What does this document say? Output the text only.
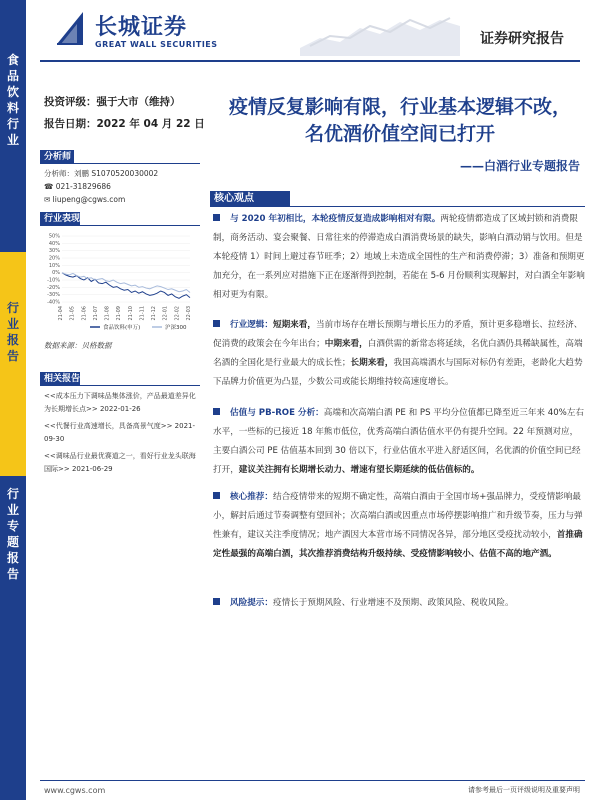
食
品
饮
料
行
业
行
业
报
告
行
业
专
题
报
告
长城证券
GREAT WALL SECURITIES	证券研究报告
投资评级：强于大市（维持）
报告日期：2022 年 04 月 22 日
分析师
分析师：刘鹏 S1070520030002
☎ 021-31829686
✉ liupeng@cgws.com
行业表现
50%
40%
30%
20%
10%
0%
-10%
-20%
-30%
-40%
21-04 21-05 21-06 21-07 21-08 21-09 21-10 21-11 21-12 22-01 22-02 22-03
食品饮料(申万)	沪深300
数据来源：贝格数据
相关报告
<<成本压力下调味品集体涨价，产品最道差异化为长期增长点>> 2022-01-26
<<代餐行业高速增长，具备高景气度>> 2021-09-30
<<调味品行业最优赛道之一，看好行业龙头联海国际>> 2021-06-29
疫情反复影响有限，行业基本逻辑不改，
名优酒价值空间已打开
——白酒行业专题报告
核心观点
与 2020 年初相比，本轮疫情反复造成影响相对有限。两轮疫情都造成了区域封锁和消费限制，商务活动、宴会聚餐、日常往来的停滞造成白酒消费场景的缺失，影响白酒动销与饮用。但是本轮疫情 1）时间上避过春节旺季；2）地域上未造成全国性的生产和消费停滞；3）准备和预期更加充分，在一系列应对措施下正在逐渐得到控制，若能在 5-6 月份顺利实现解封，对白酒全年影响相对更为有限。
行业逻辑：短期来看，当前市场存在增长预期与增长压力的矛盾，预计更多稳增长、拉经济、促消费的政策会在今年出台；中期来看，白酒供需的新常态将延续，名优白酒仍具稀缺属性，高端名酒的全国化是行业最大的成长性；长期来看，我国高端酒水与国际对标仍有差距，老龄化大趋势下品牌力价值更为凸显，少数公司或能长期维持较高速度增长。
估值与 PB-ROE 分析：高端和次高端白酒 PE 和 PS 平均分位值都已降至近三年来 40%左右水平，一些标的已接近 18 年熊市低位，优秀高端白酒估值水平仍有提升空间。22 年预测对应，主要白酒公司 PE 估值基本回到 30 倍以下，行业估值水平进入舒适区间，名优酒的价值空间已经打开，建议关注拥有长期增长动力、增速有望长期延续的低估值标的。
核心推荐：结合疫情带来的短期不确定性，高端白酒由于全国市场+强品牌力，受疫情影响最小，解封后通过节奏调整有望回补；次高端白酒或因重点市场停摆影响推广和升级节奏，压力与弹性兼有，建议关注季度情况；地产酒因大本营市场不同情况各异，部分地区受疫扰动较小，首推确定性最强的高端白酒，其次推荐消费结构升级持续、受疫情影响较小、估值不高的地产酒。
风险提示：疫情长于预期风险、行业增速不及预期、政策风险、税收风险。
www.cgws.com	请参考最后一页评级说明及重要声明
